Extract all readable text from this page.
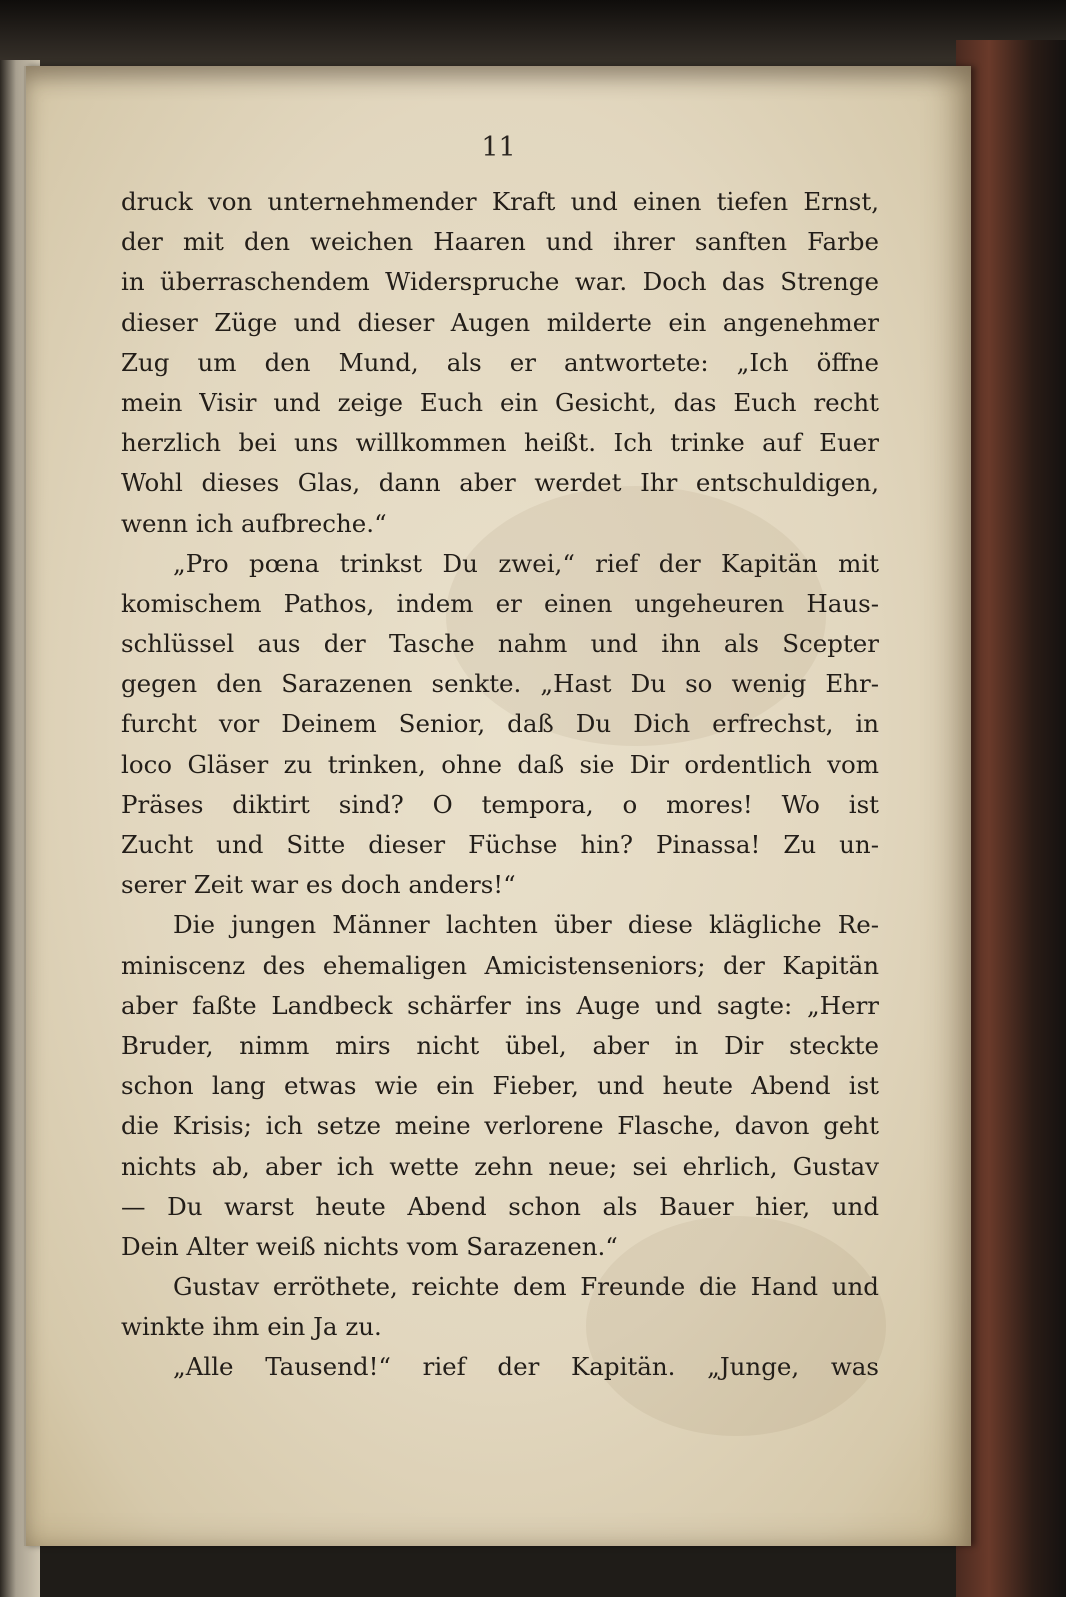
11
druck von unternehmender Kraft und einen tiefen Ernst,
der mit den weichen Haaren und ihrer sanften Farbe
in überraschendem Widerspruche war. Doch das Strenge
dieser Züge und dieser Augen milderte ein angenehmer
Zug um den Mund, als er antwortete: „Ich öffne
mein Visir und zeige Euch ein Gesicht, das Euch recht
herzlich bei uns willkommen heißt. Ich trinke auf Euer
Wohl dieses Glas, dann aber werdet Ihr entschuldigen,
wenn ich aufbreche.“
„Pro pœna trinkst Du zwei,“ rief der Kapitän mit
komischem Pathos, indem er einen ungeheuren Haus-
schlüssel aus der Tasche nahm und ihn als Scepter
gegen den Sarazenen senkte. „Hast Du so wenig Ehr-
furcht vor Deinem Senior, daß Du Dich erfrechst, in
loco Gläser zu trinken, ohne daß sie Dir ordentlich vom
Präses diktirt sind? O tempora, o mores! Wo ist
Zucht und Sitte dieser Füchse hin? Pinassa! Zu un-
serer Zeit war es doch anders!“
Die jungen Männer lachten über diese klägliche Re-
miniscenz des ehemaligen Amicistenseniors; der Kapitän
aber faßte Landbeck schärfer ins Auge und sagte: „Herr
Bruder, nimm mirs nicht übel, aber in Dir steckte
schon lang etwas wie ein Fieber, und heute Abend ist
die Krisis; ich setze meine verlorene Flasche, davon geht
nichts ab, aber ich wette zehn neue; sei ehrlich, Gustav
— Du warst heute Abend schon als Bauer hier, und
Dein Alter weiß nichts vom Sarazenen.“
Gustav erröthete, reichte dem Freunde die Hand und
winkte ihm ein Ja zu.
„Alle Tausend!“ rief der Kapitän. „Junge, was
